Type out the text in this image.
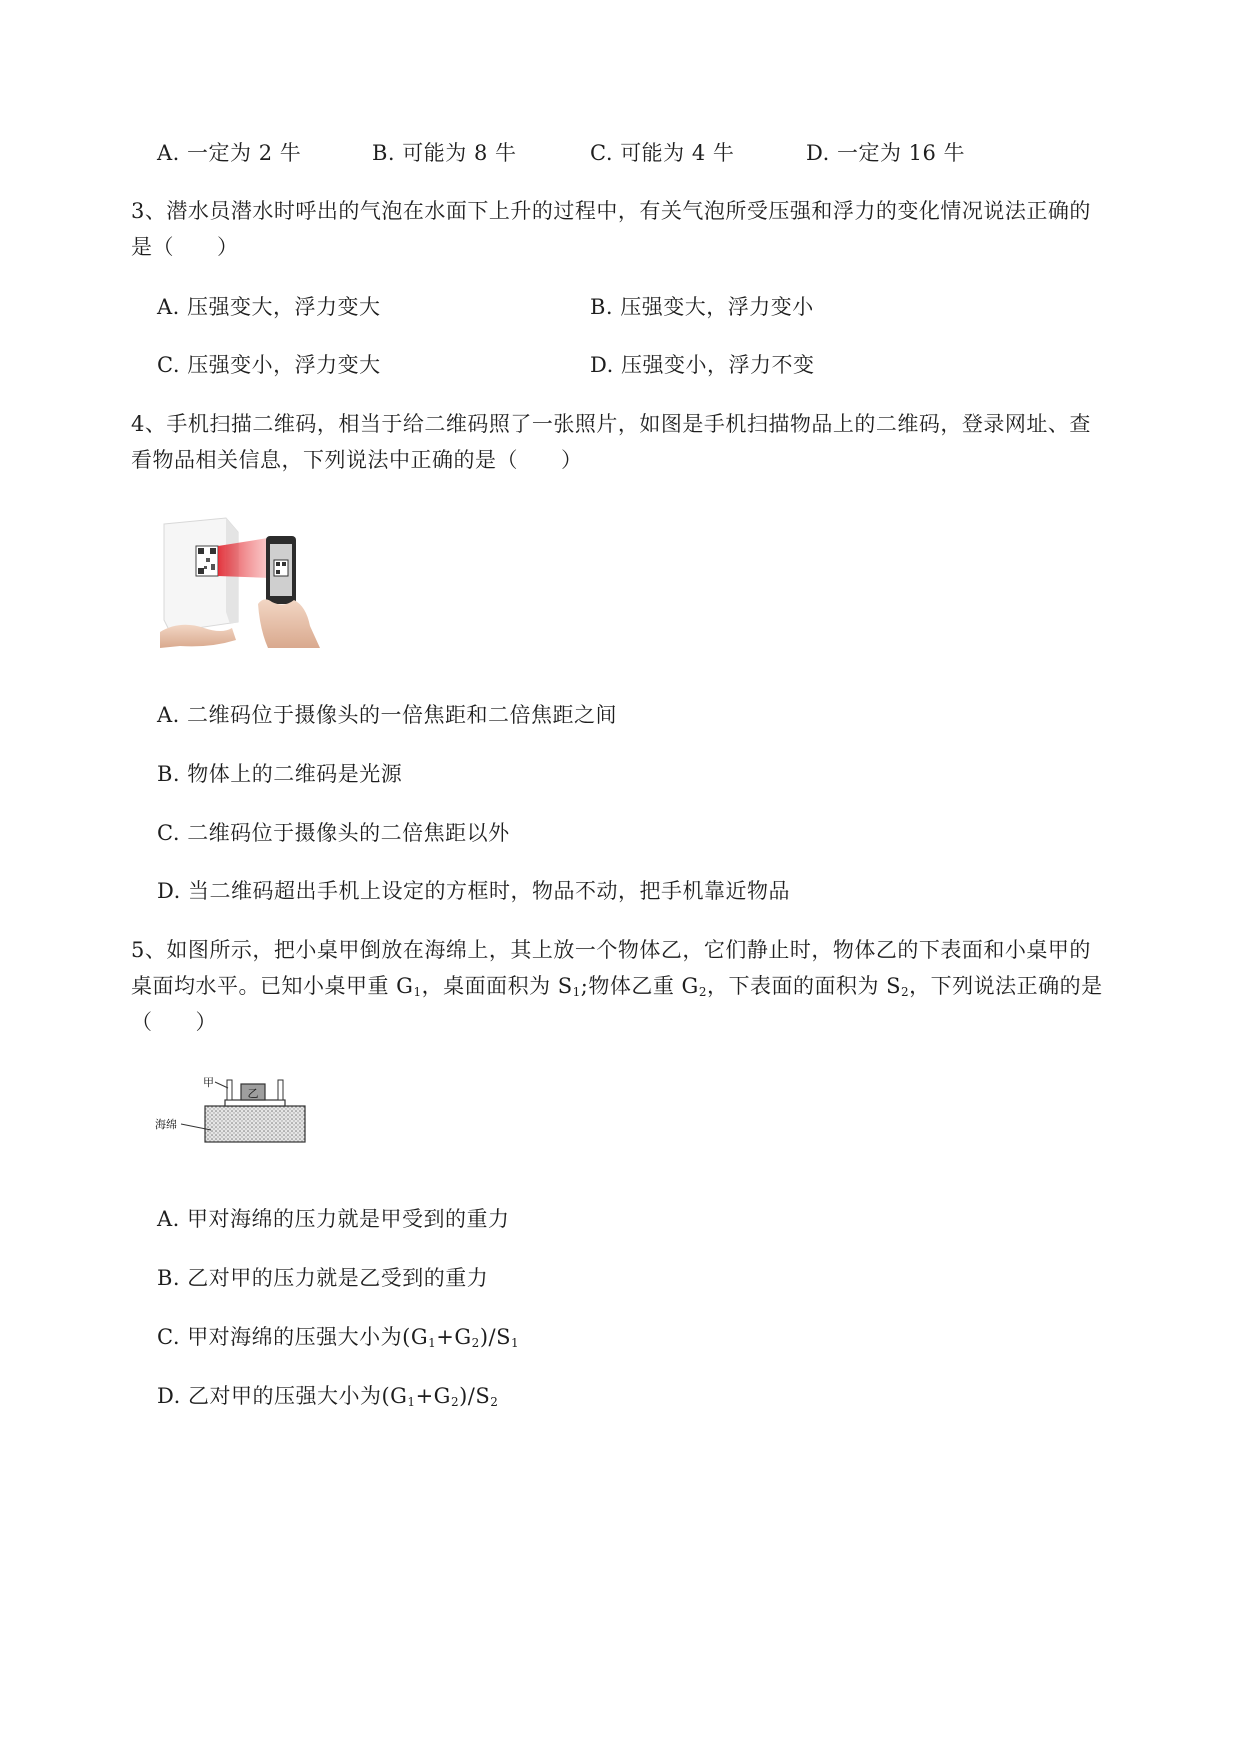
A. 一定为 2 牛	B. 可能为 8 牛	C. 可能为 4 牛	D. 一定为 16 牛
3、潜水员潜水时呼出的气泡在水面下上升的过程中，有关气泡所受压强和浮力的变化情况说法正确的
是（　　）
A. 压强变大，浮力变大	B. 压强变大，浮力变小
C. 压强变小，浮力变大	D. 压强变小，浮力不变
4、手机扫描二维码，相当于给二维码照了一张照片，如图是手机扫描物品上的二维码，登录网址、查
看物品相关信息，下列说法中正确的是（　　）
A. 二维码位于摄像头的一倍焦距和二倍焦距之间
B. 物体上的二维码是光源
C. 二维码位于摄像头的二倍焦距以外
D. 当二维码超出手机上设定的方框时，物品不动，把手机靠近物品
5、如图所示，把小桌甲倒放在海绵上，其上放一个物体乙，它们静止时，物体乙的下表面和小桌甲的
桌面均水平。已知小桌甲重 $G_1$，桌面面积为 $S_1$;物体乙重 $G_2$，下表面的面积为 $S_2$，下列说法正确的是
（　　）
乙
甲
海绵
A. 甲对海绵的压力就是甲受到的重力
B. 乙对甲的压力就是乙受到的重力
C. 甲对海绵的压强大小为$(G_1+G_2)/S_1$
D. 乙对甲的压强大小为$(G_1+G_2)/S_2$
